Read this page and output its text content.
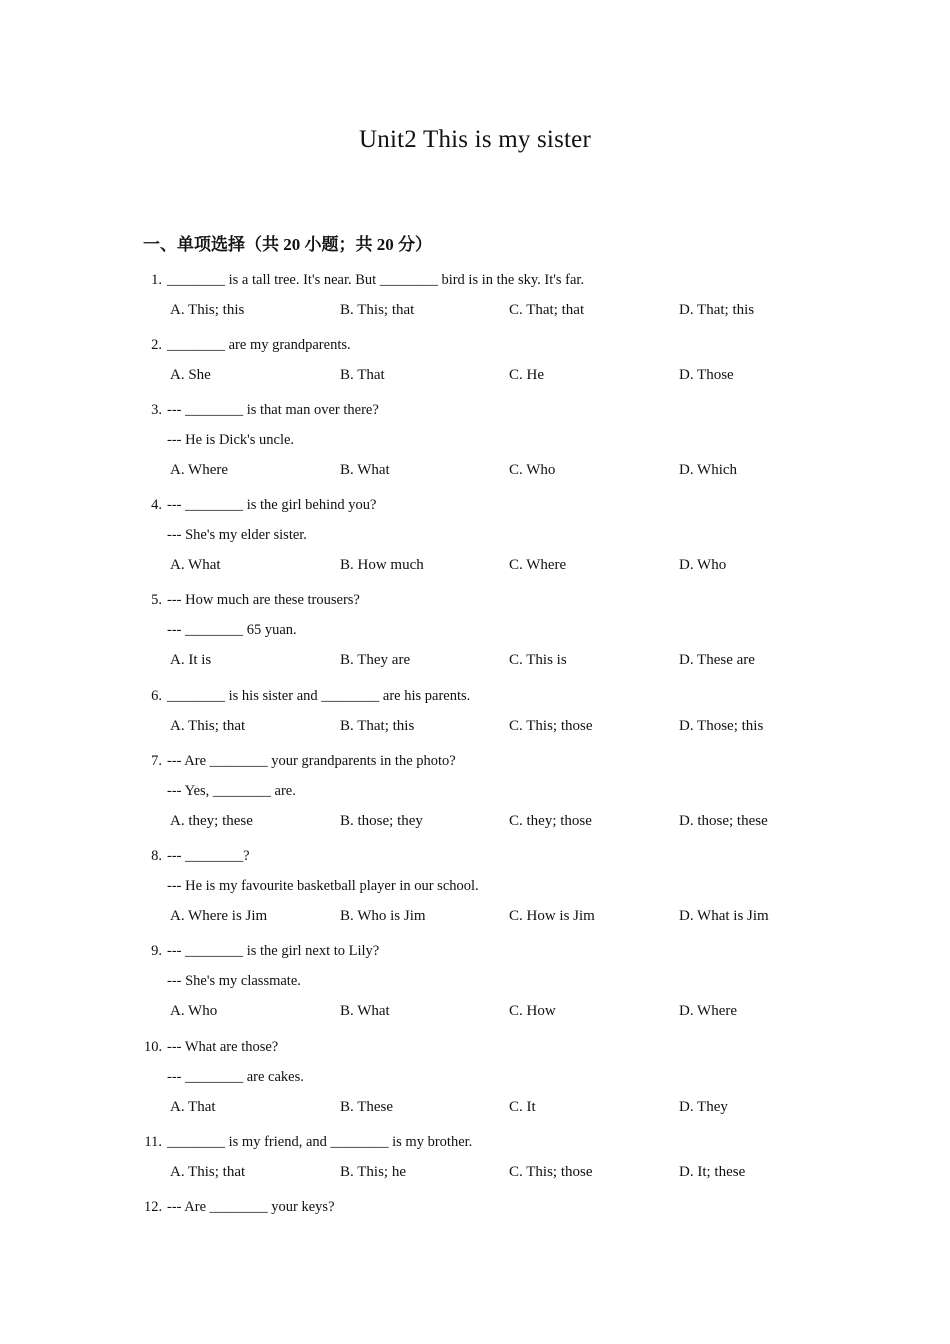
Unit2 This is my sister
一、单项选择（共 20 小题；共 20 分）
1. ________ is a tall tree. It's near. But ________ bird is in the sky. It's far.
A. This; this	B. This; that	C. That; that	D. That; this
2. ________ are my grandparents.
A. She	B. That	C. He	D. Those
3. --- ________ is that man over there?
--- He is Dick's uncle.
A. Where	B. What	C. Who	D. Which
4. --- ________ is the girl behind you?
--- She's my elder sister.
A. What	B. How much	C. Where	D. Who
5. --- How much are these trousers?
--- ________ 65 yuan.
A. It is	B. They are	C. This is	D. These are
6. ________ is his sister and ________ are his parents.
A. This; that	B. That; this	C. This; those	D. Those; this
7. --- Are ________ your grandparents in the photo?
--- Yes, ________ are.
A. they; these	B. those; they	C. they; those	D. those; these
8. --- ________?
--- He is my favourite basketball player in our school.
A. Where is Jim	B. Who is Jim	C. How is Jim	D. What is Jim
9. --- ________ is the girl next to Lily?
--- She's my classmate.
A. Who	B. What	C. How	D. Where
10. --- What are those?
--- ________ are cakes.
A. That	B. These	C. It	D. They
11. ________ is my friend, and ________ is my brother.
A. This; that	B. This; he	C. This; those	D. It; these
12. --- Are ________ your keys?
